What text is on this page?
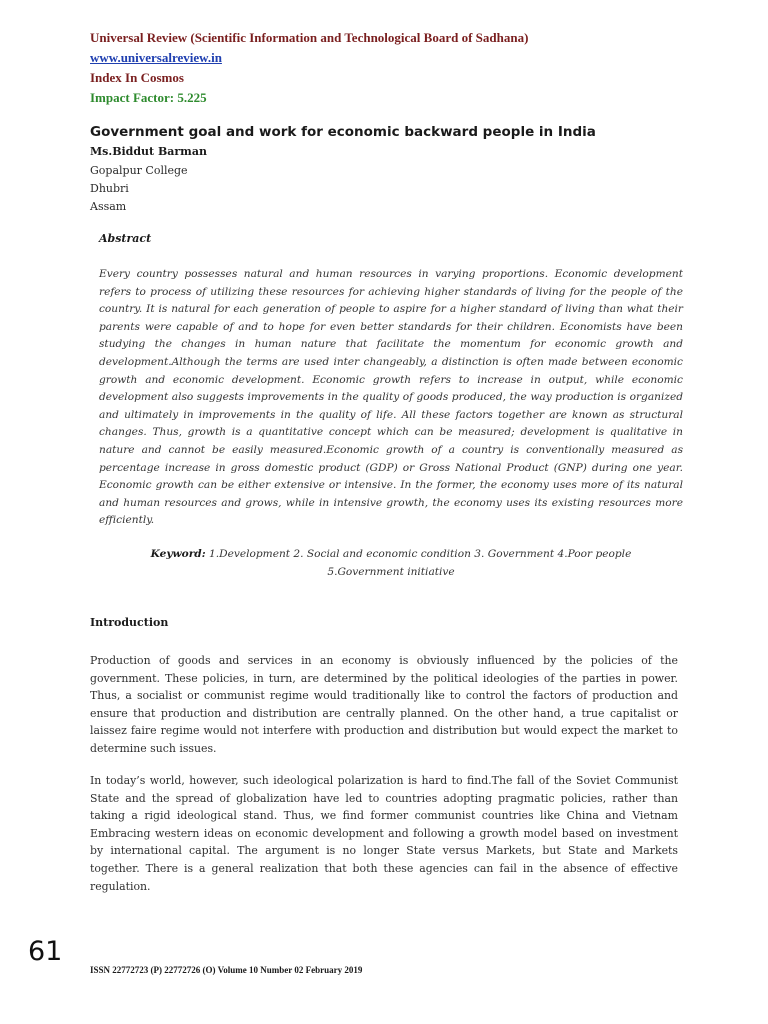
Universal Review (Scientific Information and Technological Board of Sadhana)
www.universalreview.in
Index In Cosmos
Impact Factor: 5.225
Government goal and work for economic backward people in India
Ms.Biddut Barman
Gopalpur College
Dhubri
Assam
Abstract
Every country possesses natural and human resources in varying proportions. Economic development refers to process of utilizing these resources for achieving higher standards of living for the people of the country. It is natural for each generation of people to aspire for a higher standard of living than what their parents were capable of and to hope for even better standards for their children. Economists have been studying the changes in human nature that facilitate the momentum for economic growth and development.Although the terms are used inter changeably, a distinction is often made between economic growth and economic development. Economic growth refers to increase in output, while economic development also suggests improvements in the quality of goods produced, the way production is organized and ultimately in improvements in the quality of life. All these factors together are known as structural changes. Thus, growth is a quantitative concept which can be measured; development is qualitative in nature and cannot be easily measured.Economic growth of a country is conventionally measured as percentage increase in gross domestic product (GDP) or Gross National Product (GNP) during one year. Economic growth can be either extensive or intensive. In the former, the economy uses more of its natural and human resources and grows, while in intensive growth, the economy uses its existing resources more efficiently.
Keyword: 1.Development 2. Social and economic condition 3. Government 4.Poor people
5.Government initiative
Introduction
Production of goods and services in an economy is obviously influenced by the policies of the government. These policies, in turn, are determined by the political ideologies of the parties in power. Thus, a socialist or communist regime would traditionally like to control the factors of production and ensure that production and distribution are centrally planned. On the other hand, a true capitalist or laissez faire regime would not interfere with production and distribution but would expect the market to determine such issues.
In today’s world, however, such ideological polarization is hard to find.The fall of the Soviet Communist State and the spread of globalization have led to countries adopting pragmatic policies, rather than taking a rigid ideological stand. Thus, we find former communist countries like China and Vietnam Embracing western ideas on economic development and following a growth model based on investment by international capital. The argument is no longer State versus Markets, but State and Markets together. There is a general realization that both these agencies can fail in the absence of effective regulation.
61
ISSN 22772723 (P) 22772726 (O) Volume 10 Number 02 February 2019
